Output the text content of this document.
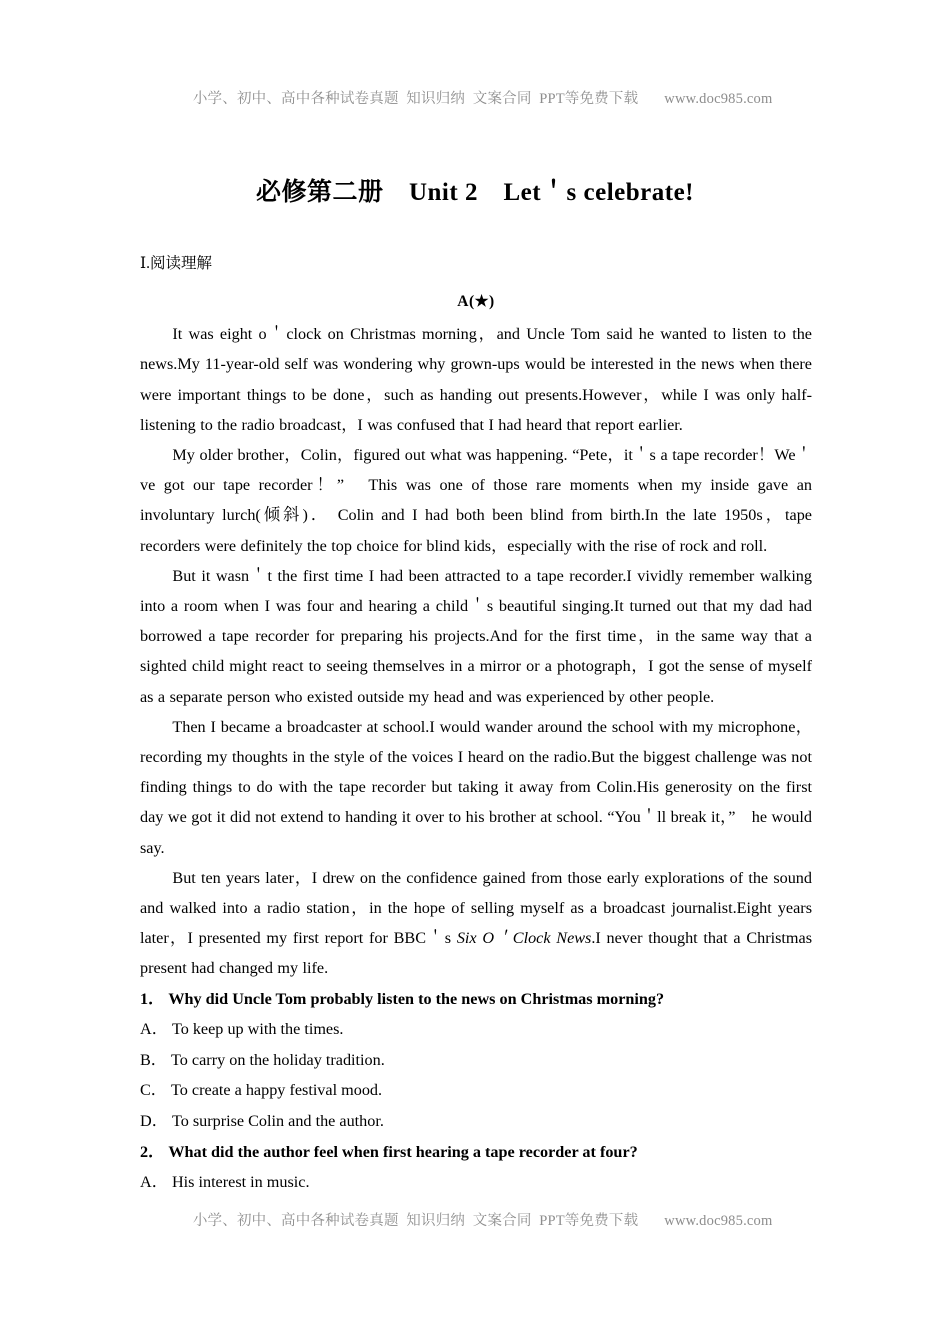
小学、初中、高中各种试卷真题  知识归纳  文案合同  PPT等免费下载 www.doc985.com

必修第二册　Unit 2　Let＇s celebrate!
Ⅰ.阅读理解
A(★)

It was eight o＇clock on Christmas morning，and Uncle Tom said he wanted to listen to the news.My 11-year-old self was wondering why grown-ups would be interested in the news when there were important things to be done，such as handing out presents.However，while I was only half-listening to the radio broadcast，I was confused that I had heard that report earlier.

My older brother，Colin，figured out what was happening. “Pete，it＇s a tape recorder！We＇ve got our tape recorder！”　This was one of those rare moments when my inside gave an involuntary lurch(倾斜)． Colin and I had both been blind from birth.In the late 1950s，tape recorders were definitely the top choice for blind kids，especially with the rise of rock and roll.

But it wasn＇t the first time I had been attracted to a tape recorder.I vividly remember walking into a room when I was four and hearing a child＇s beautiful singing.It turned out that my dad had borrowed a tape recorder for preparing his projects.And for the first time，in the same way that a sighted child might react to seeing themselves in a mirror or a photograph，I got the sense of myself as a separate person who existed outside my head and was experienced by other people.

Then I became a broadcaster at school.I would wander around the school with my microphone，recording my thoughts in the style of the voices I heard on the radio.But the biggest challenge was not finding things to do with the tape recorder but taking it away from Colin.His generosity on the first day we got it did not extend to handing it over to his brother at school. “You＇ll break it，”　he would say.

But ten years later，I drew on the confidence gained from those early explorations of the sound and walked into a radio station，in the hope of selling myself as a broadcast journalist.Eight years later，I presented my first report for BBC＇s Six O＇Clock News.I never thought that a Christmas present had changed my life.

1． Why did Uncle Tom probably listen to the news on Christmas morning?

A． To keep up with the times.

B． To carry on the holiday tradition.

C． To create a happy festival mood.

D． To surprise Colin and the author.

2． What did the author feel when first hearing a tape recorder at four?

A． His interest in music.

小学、初中、高中各种试卷真题  知识归纳  文案合同  PPT等免费下载 www.doc985.com
